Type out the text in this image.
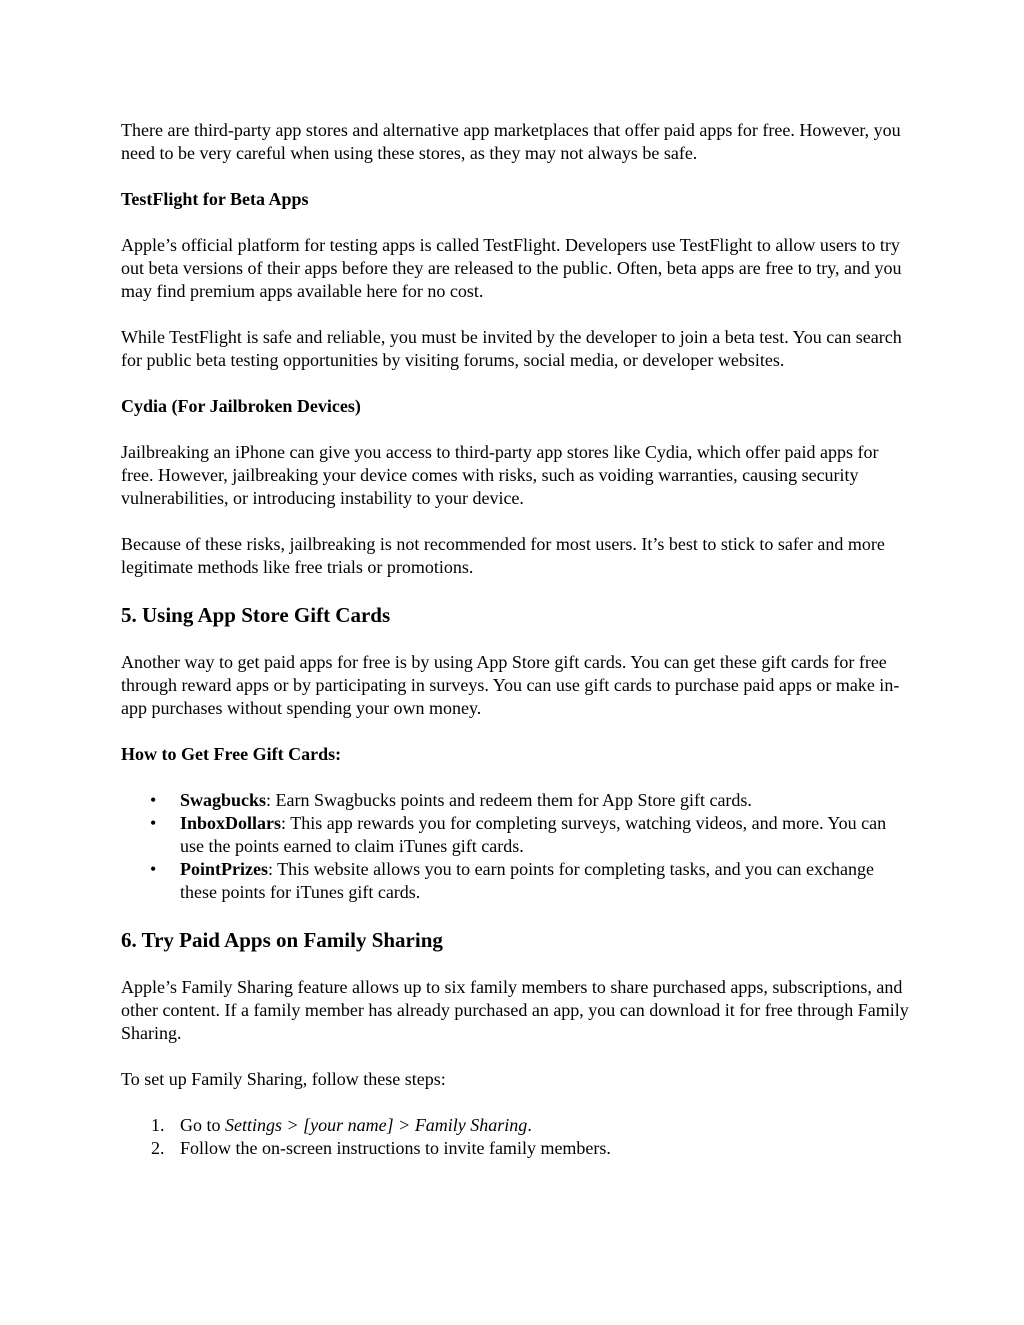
There are third-party app stores and alternative app marketplaces that offer paid apps for free. However, you need to be very careful when using these stores, as they may not always be safe.

TestFlight for Beta Apps

Apple’s official platform for testing apps is called TestFlight. Developers use TestFlight to allow users to try out beta versions of their apps before they are released to the public. Often, beta apps are free to try, and you may find premium apps available here for no cost.

While TestFlight is safe and reliable, you must be invited by the developer to join a beta test. You can search for public beta testing opportunities by visiting forums, social media, or developer websites.

Cydia (For Jailbroken Devices)

Jailbreaking an iPhone can give you access to third-party app stores like Cydia, which offer paid apps for free. However, jailbreaking your device comes with risks, such as voiding warranties, causing security vulnerabilities, or introducing instability to your device.

Because of these risks, jailbreaking is not recommended for most users. It’s best to stick to safer and more legitimate methods like free trials or promotions.

5. Using App Store Gift Cards

Another way to get paid apps for free is by using App Store gift cards. You can get these gift cards for free through reward apps or by participating in surveys. You can use gift cards to purchase paid apps or make in-app purchases without spending your own money.

How to Get Free Gift Cards:
• Swagbucks: Earn Swagbucks points and redeem them for App Store gift cards.
• InboxDollars: This app rewards you for completing surveys, watching videos, and more. You can use the points earned to claim iTunes gift cards.
• PointPrizes: This website allows you to earn points for completing tasks, and you can exchange these points for iTunes gift cards.
6. Try Paid Apps on Family Sharing

Apple’s Family Sharing feature allows up to six family members to share purchased apps, subscriptions, and other content. If a family member has already purchased an app, you can download it for free through Family Sharing.

To set up Family Sharing, follow these steps:

1. Go to Settings > [your name] > Family Sharing.
2. Follow the on-screen instructions to invite family members.
